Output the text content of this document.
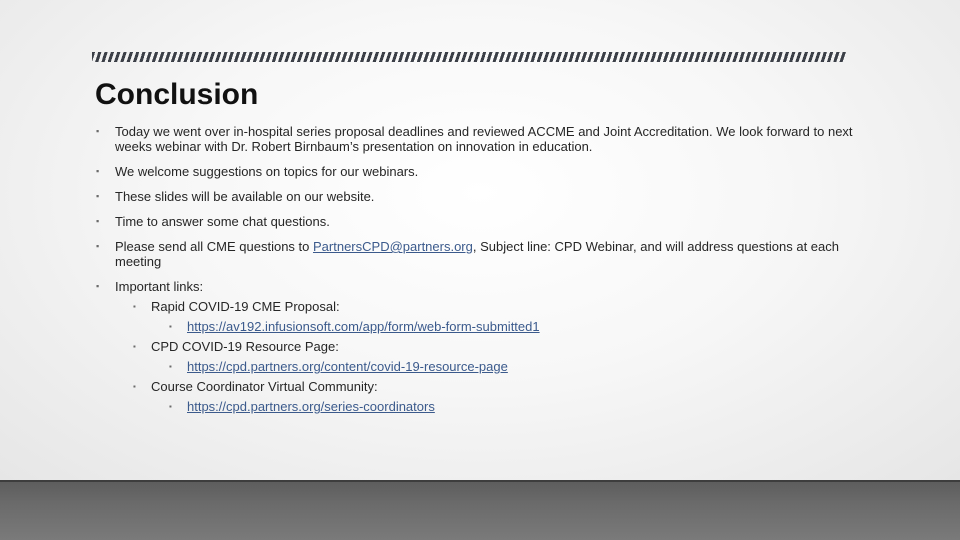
Conclusion
▪ Today we went over in-hospital series proposal deadlines and reviewed ACCME and Joint Accreditation. We look forward to next weeks webinar with Dr. Robert Birnbaum’s presentation on innovation in education.
▪ We welcome suggestions on topics for our webinars.
▪ These slides will be available on our website.
▪ Time to answer some chat questions.
▪ Please send all CME questions to PartnersCPD@partners.org, Subject line: CPD Webinar, and will address questions at each meeting
▪ Important links:
▪ Rapid COVID-19 CME Proposal:
▪ https://av192.infusionsoft.com/app/form/web-form-submitted1
▪ CPD COVID-19 Resource Page:
▪ https://cpd.partners.org/content/covid-19-resource-page
▪ Course Coordinator Virtual Community:
▪ https://cpd.partners.org/series-coordinators
